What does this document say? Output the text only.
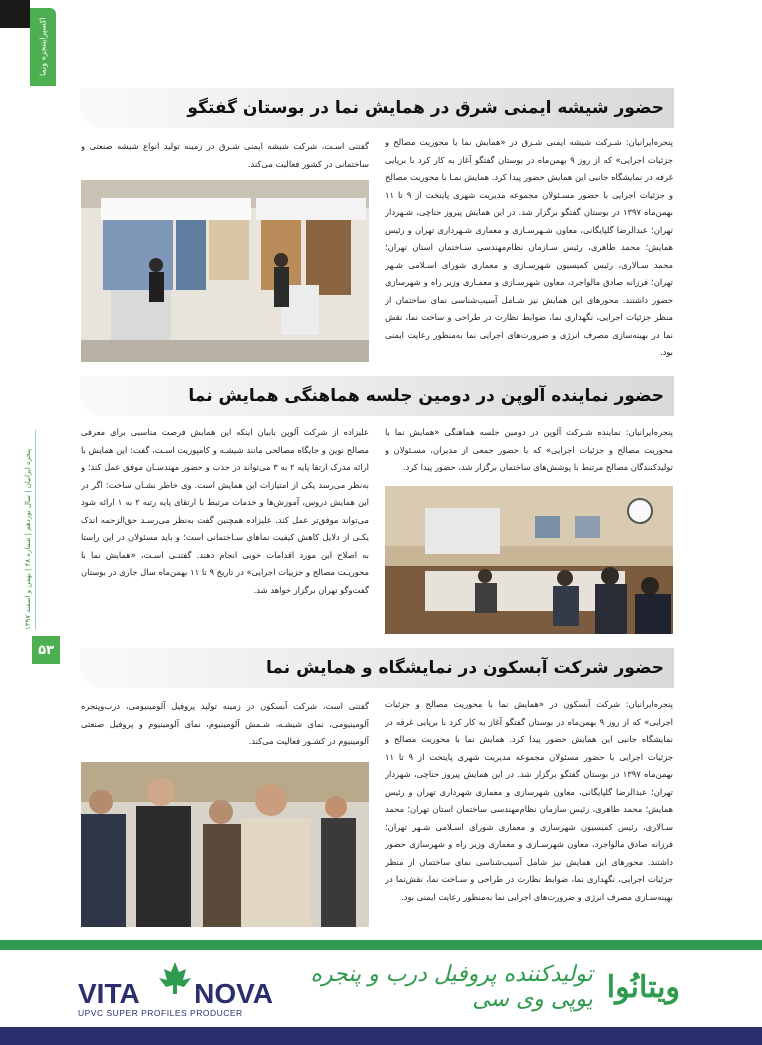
اکسپرایتنجره ونما
پنجره ایرانیان | سال نوزدهم | شماره ۴۸ | بهمن و اسفند ۱۳۹۷
۵۳
حضور شیشه ایمنی شرق در همایش نما در بوستان گفتگو

پنجره‌ایرانیان: شـرکت شیشه ایمنی شـرق در «همایش نما با محوریت مصالح و جزئیات اجرایی» که از روز ۹ بهمن‌ماه در بوستان گفتگو آغاز به کار کرد با برپایی غرفه در نمایشگاه جانبی این همایش حضور پیدا کرد. همایش نمـا با محوریت مصالح و جزئیات اجرایی با حضور مسـئولان مجموعه مدیریت شهری پایتخت از ۹ تا ۱۱ بهمن‌ماه ۱۳۹۷ در بوستان گفتگو برگزار شد. در این همایش پیروز حناچی، شـهردار تهران؛ عبدالرضا گلپایگانی، معاون شـهرسـازی و معماری شـهرداری تهران و رئیس همایش؛ محمد طاهری، رئیس سـازمان نظام‌مهندسی سـاختمان استان تهران؛ محمد سـالاری، رئیس کمیسیون شهرسـازی و معماری شورای اسـلامی شـهر تهران؛ فرزانه صادق مالواجرد، معاون شهرسـازی و معمـاری وزیر راه و شهرسازی حضور داشتند. محورهای این همایش نیز شـامل آسیب‌شناسی نمای ساختمان از منظر جزئیات اجرایی، نگهداری نما، ضوابط نظارت در طراحی و ساخت نما، نقش نما در بهینه‌سازی مصرف انرژی و ضرورت‌های اجرایی نما به‌منظور رعایت ایمنی بود.

گفتنی اسـت، شرکت شیشه ایمنی شـرق در زمینه تولید انواع شیشه صنعتی و ساختمانی در کشور فعالیت می‌کند.

حضور نماینده آلوپن در دومین جلسه هماهنگی همایش نما

پنجره‌ایرانیان: نماینده شـرکت آلوپن در دومین جلسه هماهنگی «همایش نما با محوریت مصالح و جزئیات اجرایی» که با حضور جمعی از مدیران، مسـئولان و تولیدکنندگان مصالح مرتبط با پوشش‌های ساختمان برگزار شد، حضور پیدا کرد.

علیزاده از شرکت آلوپن بابیان اینکه این همایش فرصت مناسبی برای معرفی مصالح نوین و جایگاه مصالحی مانند شیشـه و کامپوزیت اسـت، گفت: این همایش با ارائه مدرک ارتقا پایه ۲ به ۳ می‌تواند در جذب و حضور مهندسـان موفق عمل کند؛ و به‌نظر می‌رسد یکی از امتیازات این همایش است. وی خاطر نشـان ساخت: اگر در این همایش دروس، آموزش‌ها و خدمات مرتبط با ارتقای پایه رتبه ۲ به ۱ ارائه شود می‌تواند موفق‌تر عمل کند. علیزاده همچنین گفت به‌نظر می‌رسـد حق‌الزحمه اندک یکـی از دلایل کاهش کیفیت نماهای سـاختمانی است؛ و باید مسئولان در این راستا به اصلاح این مورد اقدامات خوبی انجام دهند. گفتنـی اسـت، «همایش نما با محوریـت مصالح و جزییات اجرایی» در تاریخ ۹ تا ۱۱ بهمن‌ماه سال جاری در بوستان گفت‌وگو تهران برگزار خواهد شد.

حضور شرکت آبسکون در نمایشگاه و همایش نما

پنجره‌ایرانیان: شرکت آبسکون در «همایش نما با محوریت مصالح و جزئیات اجرایی» که از روز ۹ بهمن‌ماه در بوستان گفتگو آغاز به کار کرد با برپایی غرفه در نمایشگاه جانبی این همایش حضور پیدا کرد. همایش نما با محوریت مصالح و جزئیات اجرایی با حضور مسئولان مجموعه مدیریت شهری پایتخت از ۹ تا ۱۱ بهمن‌ماه ۱۳۹۷ در بوستان گفتگو برگزار شد. در این همایش پیروز حناچی، شهردار تهران؛ عبدالرضا گلپایگانی، معاون شهرسازی و معماری شهرداری تهران و رئیس همایش؛ محمد طاهری، رئیس سازمان نظام‌مهندسی ساختمان استان تهران؛ محمد سـالاری، رئیس کمیسیون شهرسازی و معماری شورای اسـلامی شـهر تهران؛ فرزانه صادق مالواجرد، معاون شهرسـازی و معماری وزیر راه و شهرسازی حضور داشتند. محورهای این همایش نیز شامل آسیب‌شناسی نمای ساختمان از منظر جزئیات اجرایی، نگهداری نما، ضوابط نظارت در طراحی و سـاخت نما، نقش‌نما در بهینه‌سـازی مصرف انرژی و ضرورت‌های اجرایی نما به‌منظور رعایت ایمنی بود.

گفتنی است، شرکت آبسکون در زمینه تولید پروفیل آلومینیومی، درب‌وپنجره آلومینیومی، نمای شیشـه، شـمش آلومینیوم، نمای آلومینیوم و پروفیل صنعتی آلومینیوم در کشـور فعالیت می‌کند.

VITA NOVA
UPVC SUPER PROFILES PRODUCER
ویتانُوا
تولیدکننده پروفیل درب و پنجره یوپی وی سی
